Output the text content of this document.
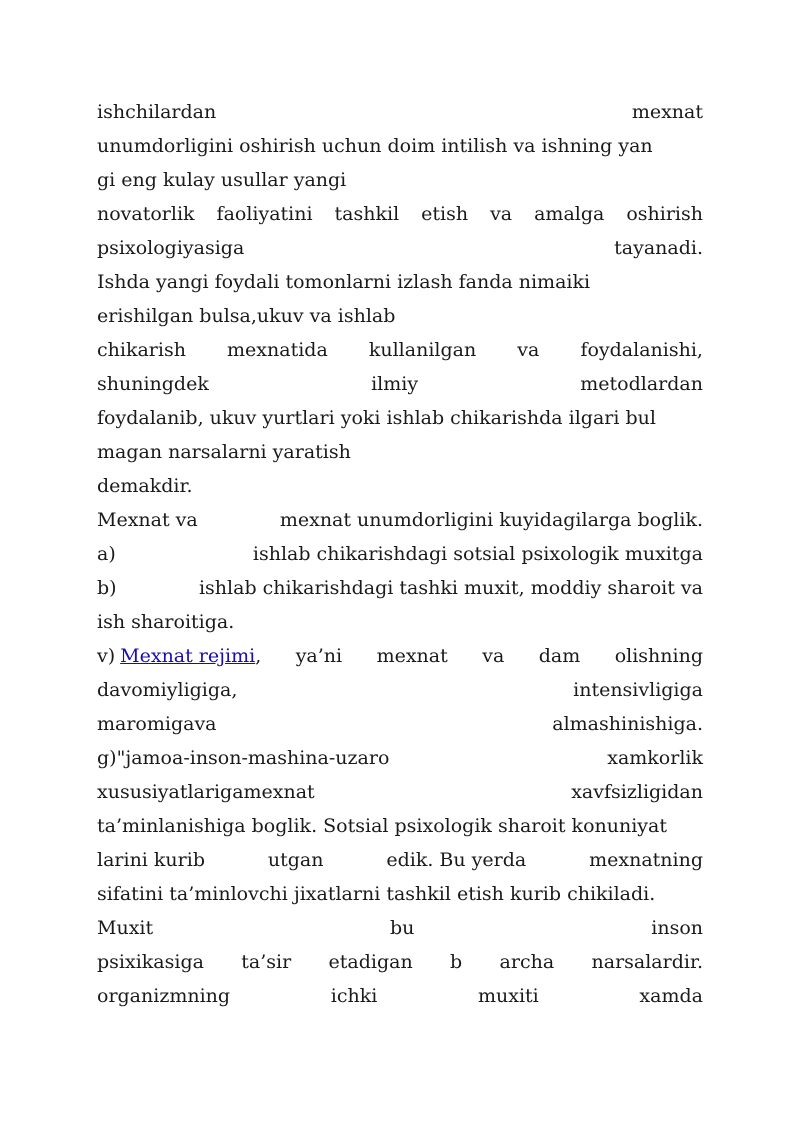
ishchilardan	mexnat
unumdorligini oshirish uchun doim intilish va ishning yan
gi eng kulay usullar yangi
novatorlik faoliyatini tashkil etish va amalga oshirish
psixologiyasiga	tayanadi.
Ishda yangi foydali tomonlarni izlash fanda nimaiki
erishilgan bulsa,ukuv va ishlab
chikarish mexnatida kullanilgan va foydalanishi,
shuningdek	ilmiy	metodlardan
foydalanib, ukuv yurtlari yoki ishlab chikarishda ilgari bul
magan narsalarni yaratish
demakdir.
Mexnat va	mexnat unumdorligini kuyidagilarga boglik.
a)	ishlab chikarishdagi sotsial psixologik muxitga
b)	ishlab chikarishdagi tashki muxit, moddiy sharoit va
ish sharoitiga.
v) Mexnat rejimi, ya’ni mexnat va dam olishning
davomiyligiga,	intensivligiga
maromigava	almashinishiga.
g)"jamoa-inson-mashina-uzaro	xamkorlik
xususiyatlarigamexnat	xavfsizligidan
ta’minlanishiga boglik. Sotsial psixologik sharoit konuniyat
larini kurib	utgan	edik. Bu yerda	mexnatning
sifatini ta’minlovchi jixatlarni tashkil etish kurib chikiladi.
Muxit	bu	inson
psixikasiga ta’sir etadigan b archa narsalardir.
organizmning	ichki	muxiti	xamda
